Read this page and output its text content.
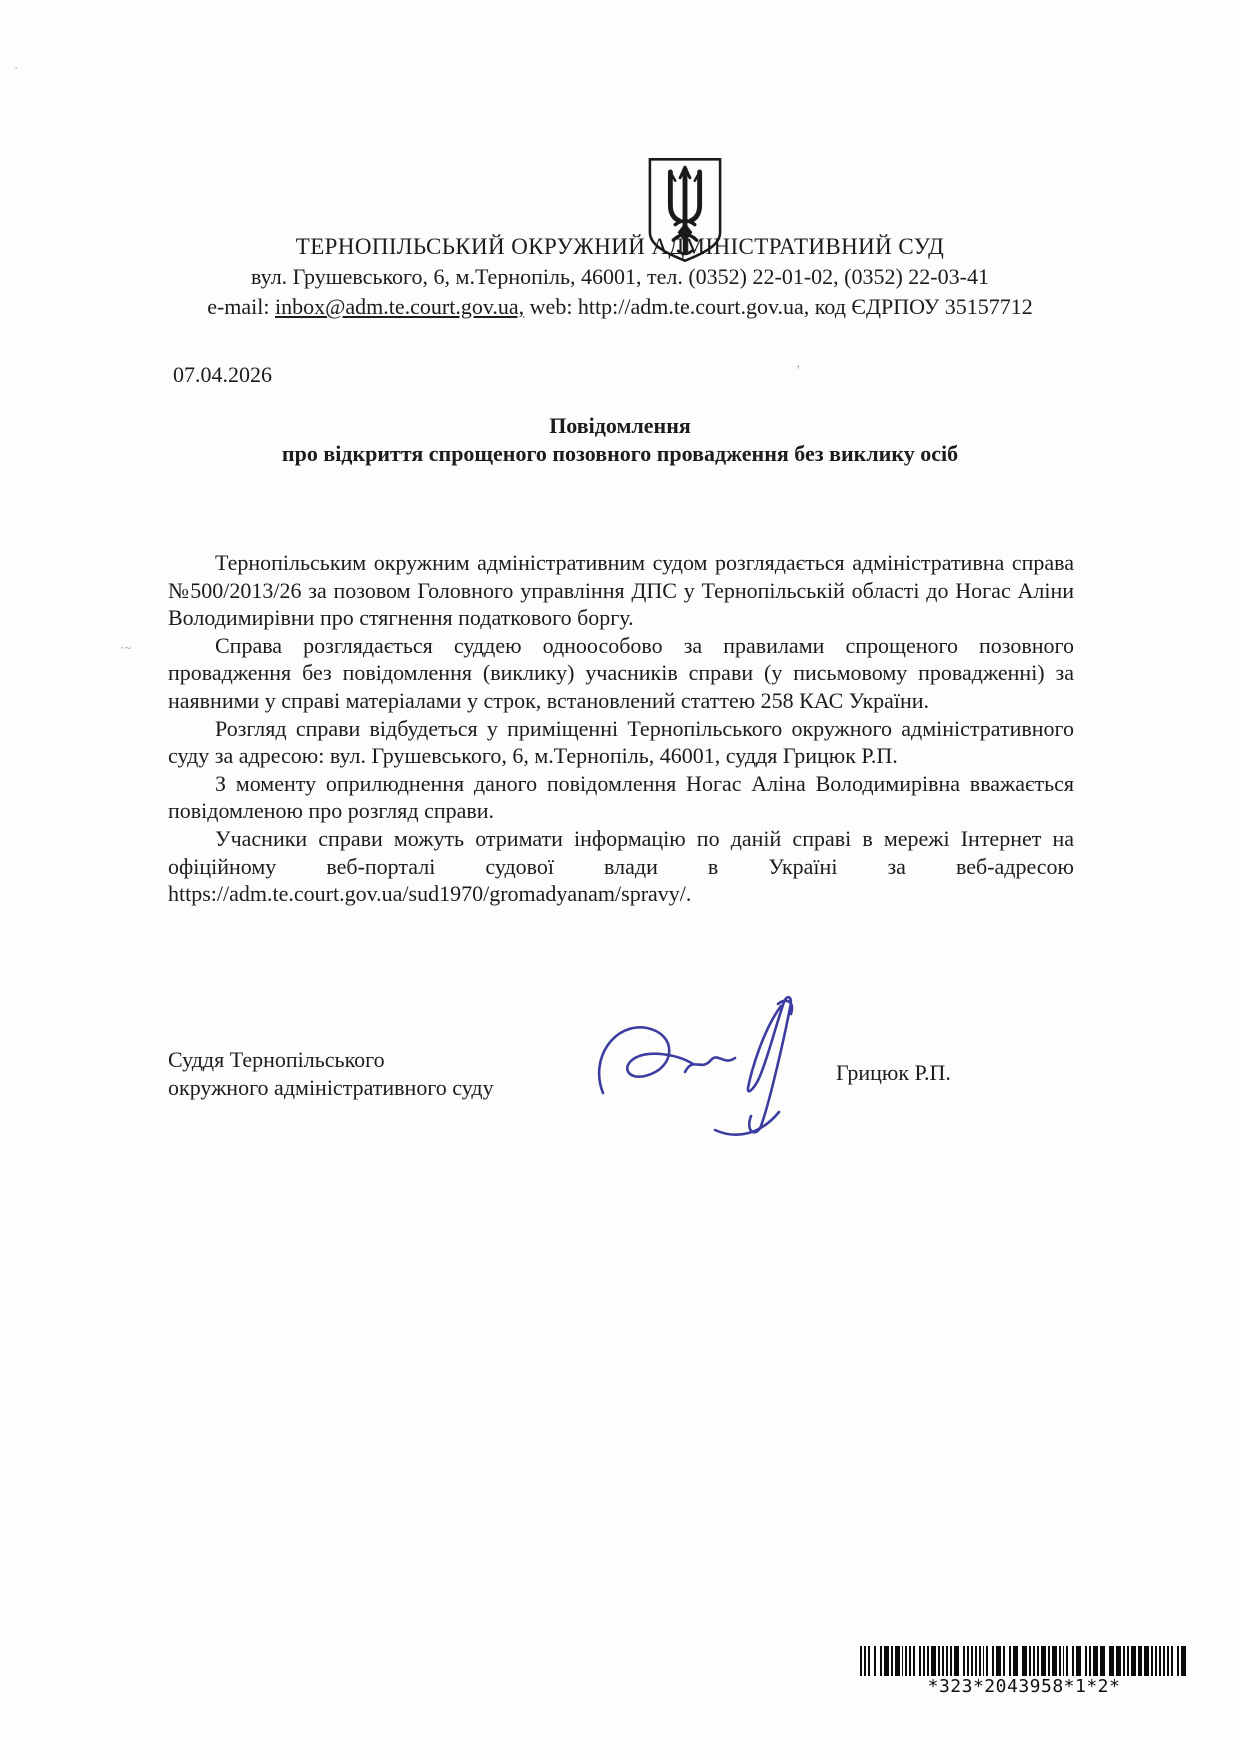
ТЕРНОПІЛЬСЬКИЙ ОКРУЖНИЙ АДМІНІСТРАТИВНИЙ СУД
вул. Грушевського, 6, м.Тернопіль, 46001, тел. (0352) 22-01-02, (0352) 22-03-41
e-mail: inbox@adm.te.court.gov.ua, web: http://adm.te.court.gov.ua, код ЄДРПОУ 35157712
07.04.2026
Повідомлення
про відкриття спрощеного позовного провадження без виклику осіб

Тернопільським окружним адміністративним судом розглядається адміністративна справа №500/2013/26 за позовом Головного управління ДПС у Тернопільській області до Ногас Аліни Володимирівни про стягнення податкового боргу.

Справа розглядається суддею одноособово за правилами спрощеного позовного провадження без повідомлення (виклику) учасників справи (у письмовому провадженні) за наявними у справі матеріалами у строк, встановлений статтею 258 КАС України.

Розгляд справи відбудеться у приміщенні Тернопільського окружного адміністративного суду за адресою: вул. Грушевського, 6, м.Тернопіль, 46001, суддя Грицюк Р.П.

З моменту оприлюднення даного повідомлення Ногас Аліна Володимирівна вважається повідомленою про розгляд справи.

Учасники справи можуть отримати інформацію по даній справі в мережі Інтернет на офіційному веб-порталі судової влади в Україні за веб-адресою https://adm.te.court.gov.ua/sud1970/gromadyanam/spravy/.

Суддя Тернопільського
окружного адміністративного суду
Грицюк Р.П.
*323*2043958*1*2*
·~
’
·
